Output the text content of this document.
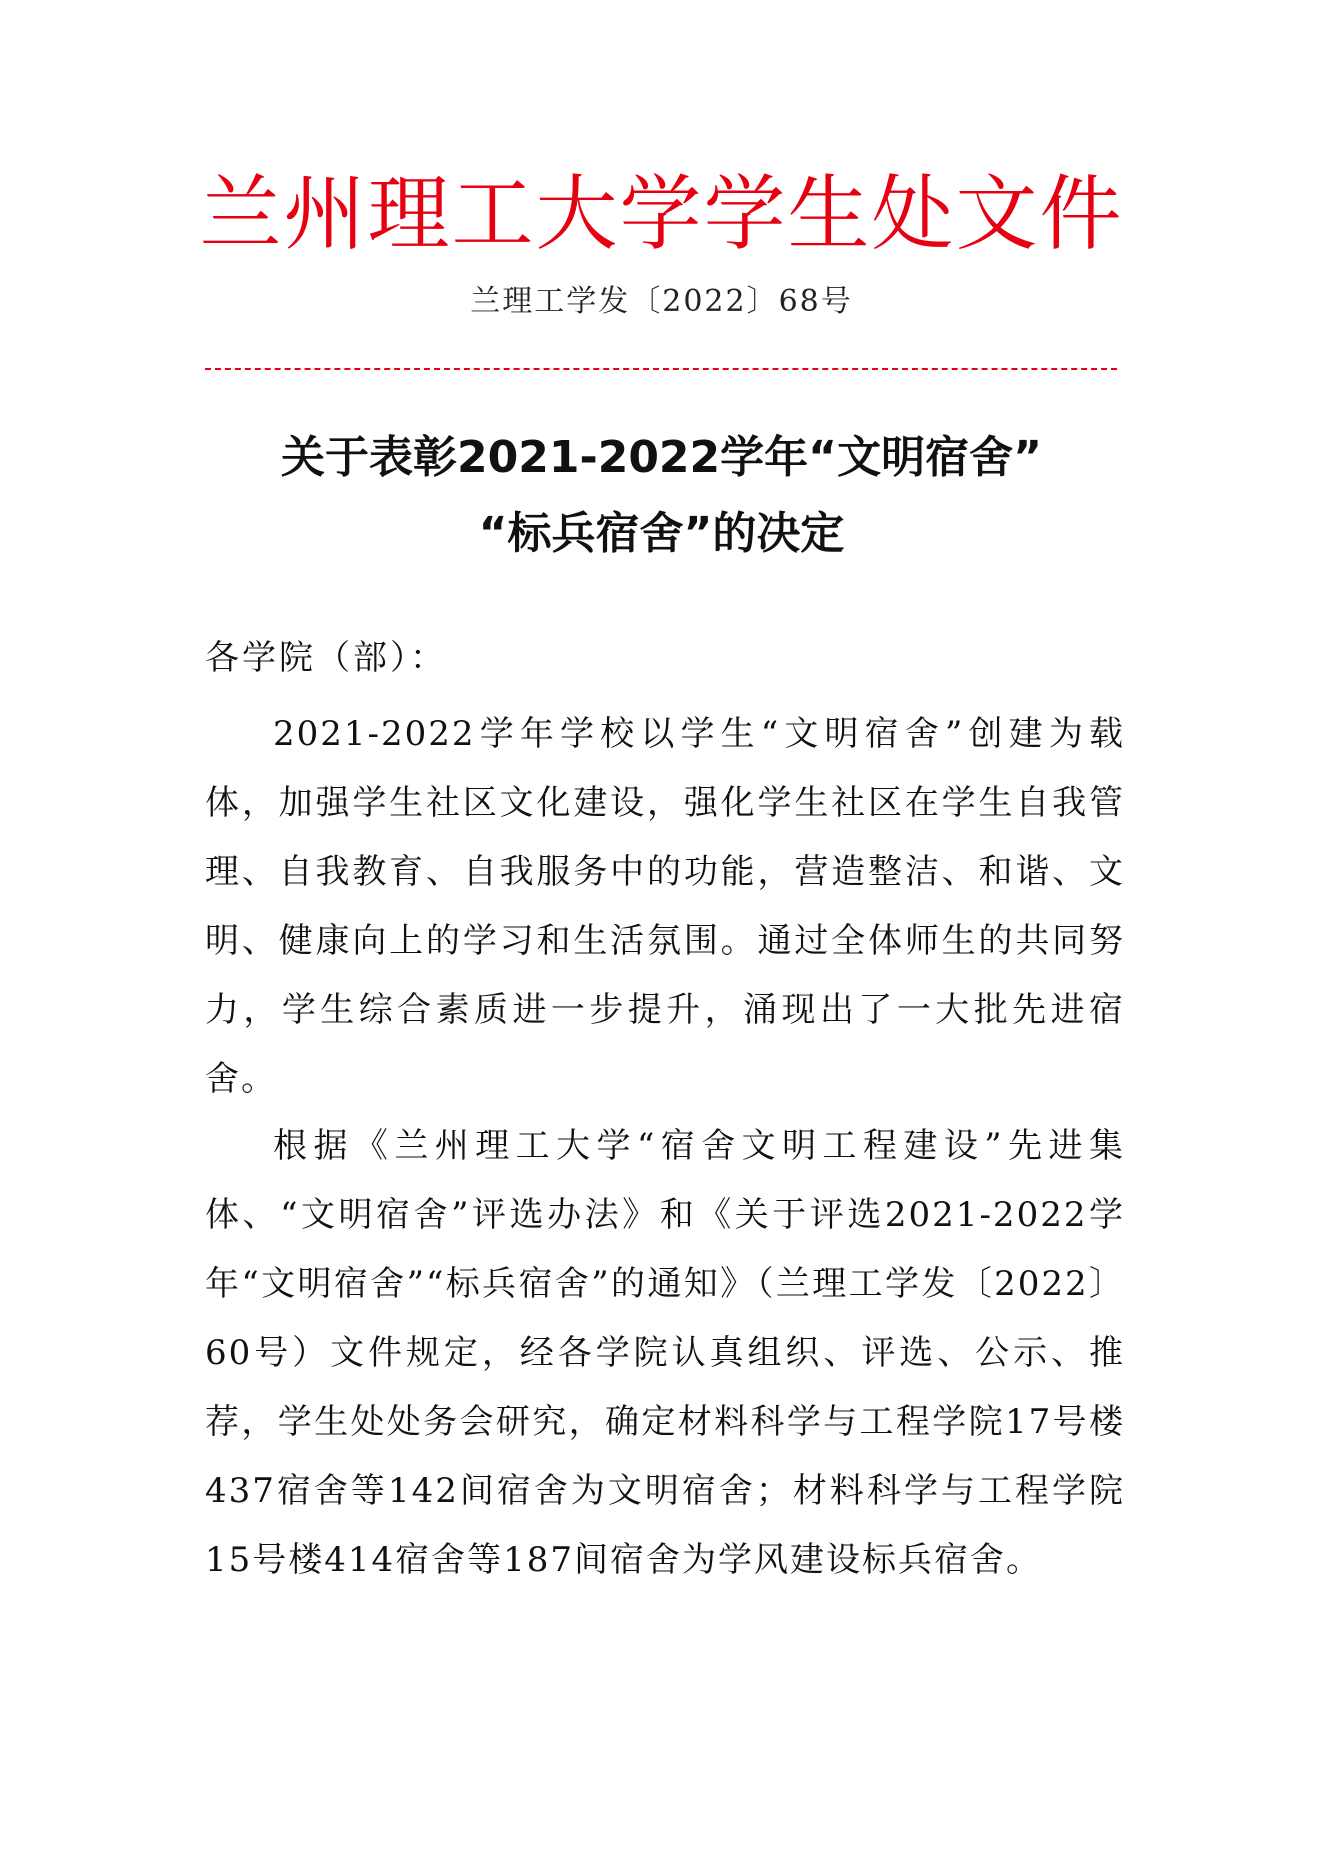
兰州理工大学学生处文件
兰理工学发〔2022〕68号
关于表彰2021-2022学年“文明宿舍”
“标兵宿舍”的决定
各学院（部）：

2021-2022学年学校以学生“文明宿舍”创建为载体，加强学生社区文化建设，强化学生社区在学生自我管理、自我教育、自我服务中的功能，营造整洁、和谐、文明、健康向上的学习和生活氛围。通过全体师生的共同努力，学生综合素质进一步提升，涌现出了一大批先进宿舍。

根据《兰州理工大学“宿舍文明工程建设”先进集体、“文明宿舍”评选办法》和《关于评选2021-2022学年“文明宿舍”“标兵宿舍”的通知》（兰理工学发〔2022〕60号）文件规定，经各学院认真组织、评选、公示、推荐，学生处处务会研究，确定材料科学与工程学院17号楼437宿舍等142间宿舍为文明宿舍；材料科学与工程学院15号楼414宿舍等187间宿舍为学风建设标兵宿舍。
